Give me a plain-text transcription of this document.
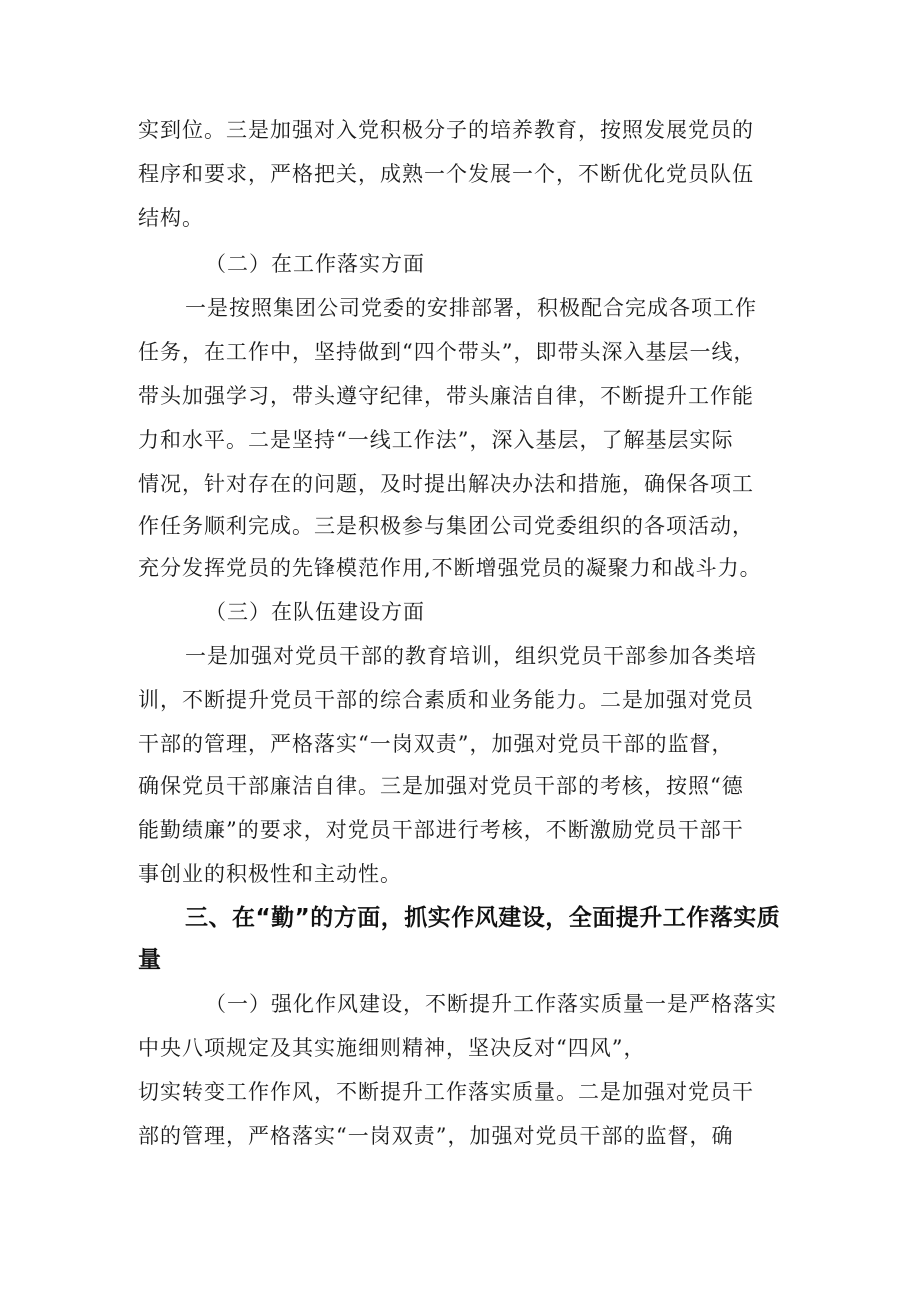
实到位。三是加强对入党积极分子的培养教育，按照发展党员的
程序和要求，严格把关，成熟一个发展一个，不断优化党员队伍
结构。
（二）在工作落实方面
一是按照集团公司党委的安排部署，积极配合完成各项工作
任务，在工作中，坚持做到“四个带头”，即带头深入基层一线，
带头加强学习，带头遵守纪律，带头廉洁自律，不断提升工作能
力和水平。二是坚持“一线工作法”，深入基层，了解基层实际
情况，针对存在的问题，及时提出解决办法和措施，确保各项工
作任务顺利完成。三是积极参与集团公司党委组织的各项活动，
充分发挥党员的先锋模范作用,不断增强党员的凝聚力和战斗力。
（三）在队伍建设方面
一是加强对党员干部的教育培训，组织党员干部参加各类培
训，不断提升党员干部的综合素质和业务能力。二是加强对党员
干部的管理，严格落实“一岗双责”，加强对党员干部的监督，
确保党员干部廉洁自律。三是加强对党员干部的考核，按照“德
能勤绩廉”的要求，对党员干部进行考核，不断激励党员干部干
事创业的积极性和主动性。
三、在“勤”的方面，抓实作风建设，全面提升工作落实质
量
（一）强化作风建设，不断提升工作落实质量一是严格落实
中央八项规定及其实施细则精神，坚决反对“四风”，
切实转变工作作风，不断提升工作落实质量。二是加强对党员干
部的管理，严格落实“一岗双责”，加强对党员干部的监督，确
